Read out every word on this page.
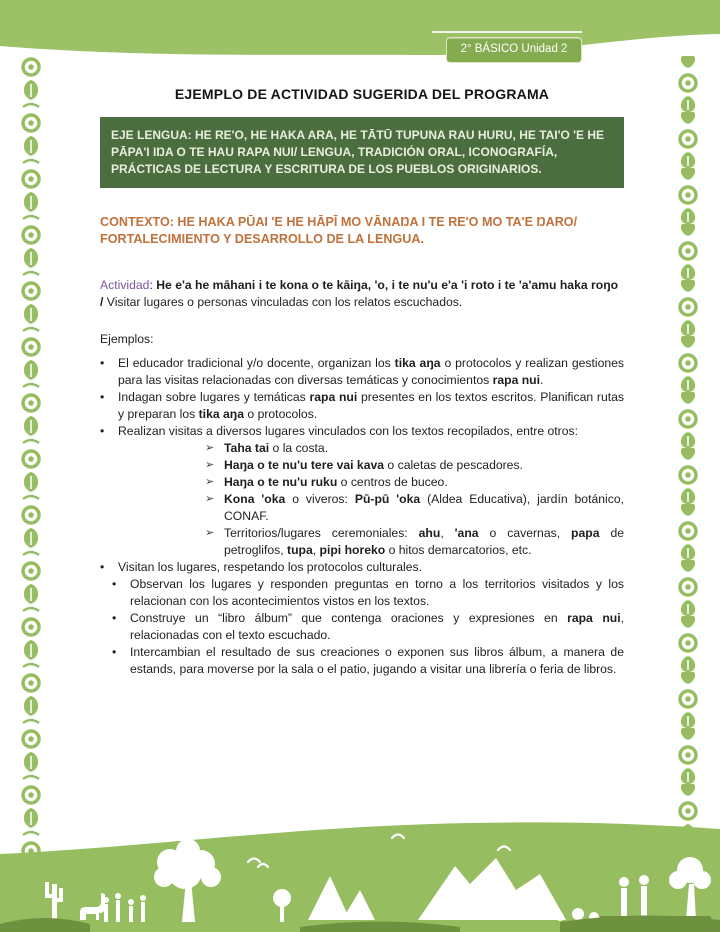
2° BÁSICO Unidad 2
EJEMPLO DE ACTIVIDAD SUGERIDA DEL PROGRAMA
EJE LENGUA: HE RE'O, HE HAKA ARA, HE TĀTŪ TUPUNA RAU HURU, HE TAI'O 'E HE PĀPA'I IŊA O TE HAU RAPA NUI/ LENGUA, TRADICIÓN ORAL, ICONOGRAFÍA, PRÁCTICAS DE LECTURA Y ESCRITURA DE LOS PUEBLOS ORIGINARIOS.
CONTEXTO: HE HAKA PŪAI 'E HE HĀPĪ MO VĀNAŊA I TE RE'O MO TA'E ŊARO/ FORTALECIMIENTO Y DESARROLLO DE LA LENGUA.
Actividad: He e'a he māhani i te kona o te kāiŋa, 'o, i te nu'u e'a 'i roto i te 'a'amu haka roŋo / Visitar lugares o personas vinculadas con los relatos escuchados.
Ejemplos:
•	El educador tradicional y/o docente, organizan los tika aŋa o protocolos y realizan gestiones para las visitas relacionadas con diversas temáticas y conocimientos rapa nui.
•	Indagan sobre lugares y temáticas rapa nui presentes en los textos escritos. Planifican rutas y preparan los tika aŋa o protocolos.
•	Realizan visitas a diversos lugares vinculados con los textos recopilados, entre otros:
➢ Taha tai o la costa.
➢ Haŋa o te nu'u tere vai kava o caletas de pescadores.
➢ Haŋa o te nu'u ruku o centros de buceo.
➢ Kona 'oka o viveros: Pū-pū 'oka (Aldea Educativa), jardín botánico, CONAF.
➢ Territorios/lugares ceremoniales: ahu, 'ana o cavernas, papa de petroglifos, tupa, pipi horeko o hitos demarcatorios, etc.
•	Visitan los lugares, respetando los protocolos culturales.
•	Observan los lugares y responden preguntas en torno a los territorios visitados y los relacionan con los acontecimientos vistos en los textos.
•	Construye un “libro álbum” que contenga oraciones y expresiones en rapa nui, relacionadas con el texto escuchado.
•	Intercambian el resultado de sus creaciones o exponen sus libros álbum, a manera de estands, para moverse por la sala o el patio, jugando a visitar una librería o feria de libros.
